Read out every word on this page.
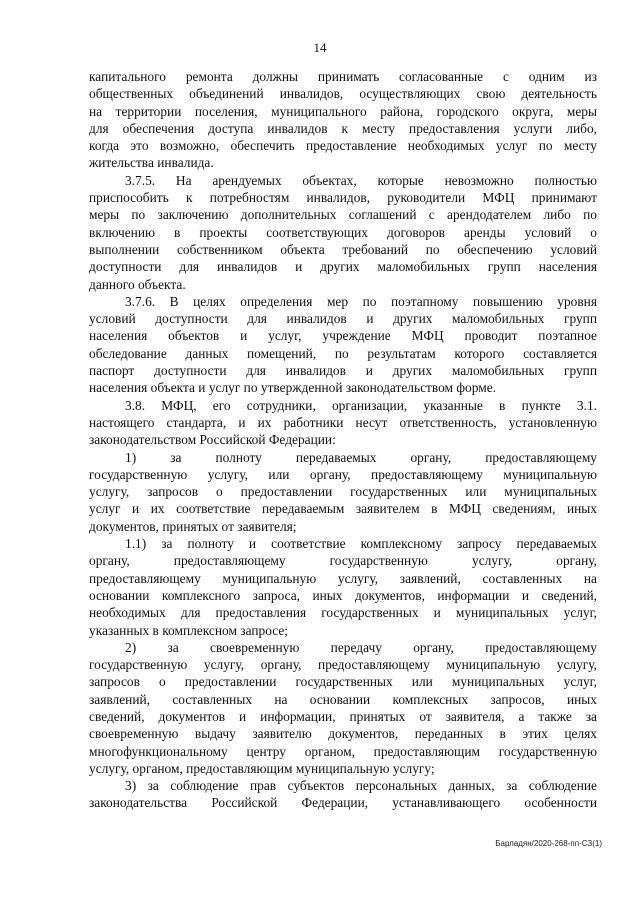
14
капитального ремонта должны принимать согласованные с одним из
общественных объединений инвалидов, осуществляющих свою деятельность
на территории поселения, муниципального района, городского округа, меры
для обеспечения доступа инвалидов к месту предоставления услуги либо,
когда это возможно, обеспечить предоставление необходимых услуг по месту
жительства инвалида.
3.7.5. На арендуемых объектах, которые невозможно полностью
приспособить к потребностям инвалидов, руководители МФЦ принимают
меры по заключению дополнительных соглашений с арендодателем либо по
включению в проекты соответствующих договоров аренды условий о
выполнении собственником объекта требований по обеспечению условий
доступности для инвалидов и других маломобильных групп населения
данного объекта.
3.7.6. В целях определения мер по поэтапному повышению уровня
условий доступности для инвалидов и других маломобильных групп
населения объектов и услуг, учреждение МФЦ проводит поэтапное
обследование данных помещений, по результатам которого составляется
паспорт доступности для инвалидов и других маломобильных групп
населения объекта и услуг по утвержденной законодательством форме.
3.8. МФЦ, его сотрудники, организации, указанные в пункте 3.1.
настоящего стандарта, и их работники несут ответственность, установленную
законодательством Российской Федерации:
1) за полноту передаваемых органу, предоставляющему
государственную услугу, или органу, предоставляющему муниципальную
услугу, запросов о предоставлении государственных или муниципальных
услуг и их соответствие передаваемым заявителем в МФЦ сведениям, иных
документов, принятых от заявителя;
1.1) за полноту и соответствие комплексному запросу передаваемых
органу, предоставляющему государственную услугу, органу,
предоставляющему муниципальную услугу, заявлений, составленных на
основании комплексного запроса, иных документов, информации и сведений,
необходимых для предоставления государственных и муниципальных услуг,
указанных в комплексном запросе;
2) за своевременную передачу органу, предоставляющему
государственную услугу, органу, предоставляющему муниципальную услугу,
запросов о предоставлении государственных или муниципальных услуг,
заявлений, составленных на основании комплексных запросов, иных
сведений, документов и информации, принятых от заявителя, а также за
своевременную выдачу заявителю документов, переданных в этих целях
многофункциональному центру органом, предоставляющим государственную
услугу, органом, предоставляющим муниципальную услугу;
3) за соблюдение прав субъектов персональных данных, за соблюдение
законодательства Российской Федерации, устанавливающего особенности
Барладян/2020-268-пп-СЗ(1)
